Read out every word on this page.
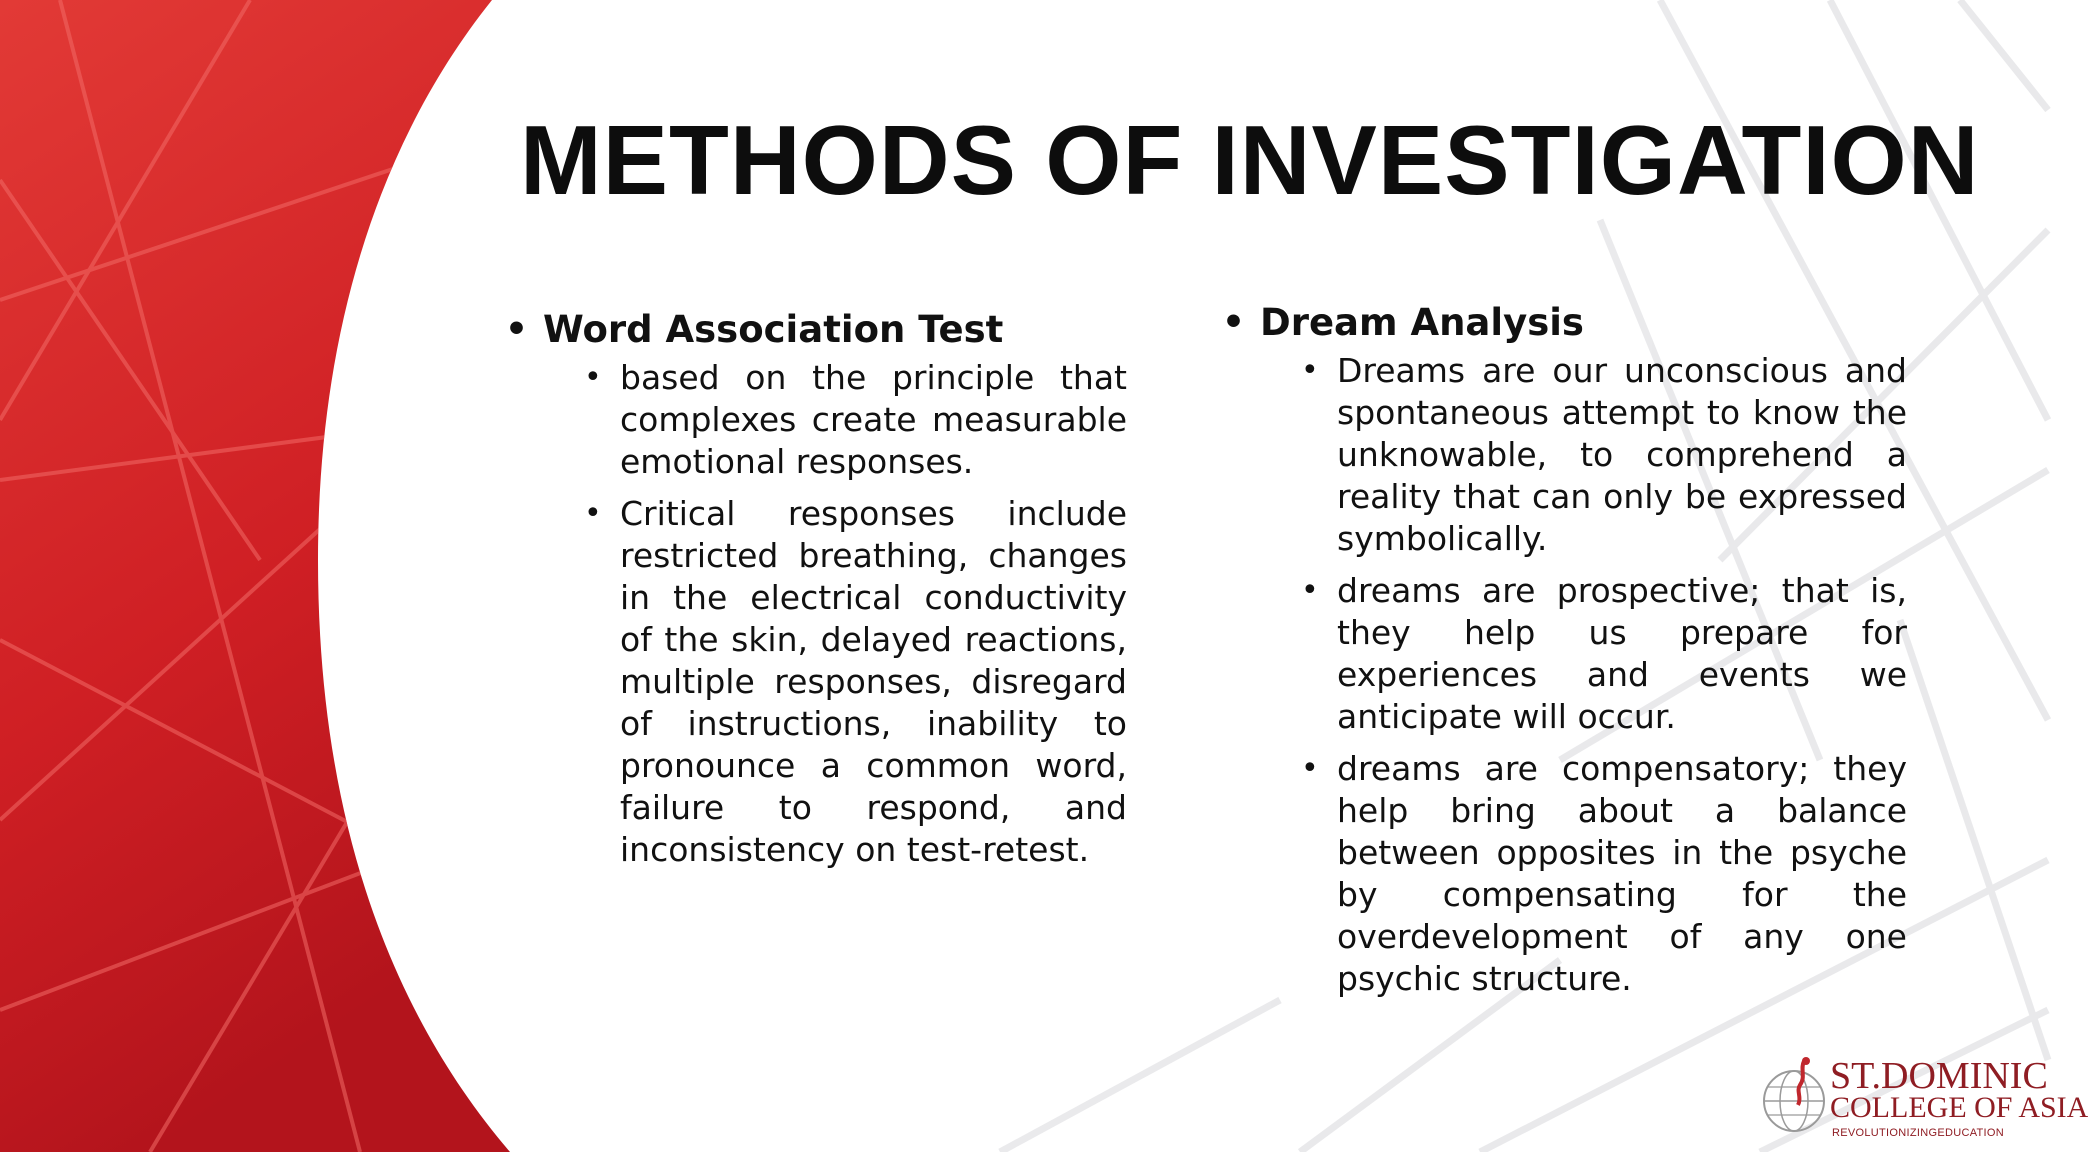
METHODS OF INVESTIGATION
• Word Association Test
• based on the principle that complexes create measurable emotional responses.
• Critical responses include restricted breathing, changes in the electrical conductivity of the skin, delayed reactions, multiple responses, disregard of instructions, inability to pronounce a common word, failure to respond, and inconsistency on test-retest.
• Dream Analysis
• Dreams are our unconscious and spontaneous attempt to know the unknowable, to comprehend a reality that can only be expressed symbolically.
• dreams are prospective; that is, they help us prepare for experiences and events we anticipate will occur.
• dreams are compensatory; they help bring about a balance between opposites in the psyche by compensating for the overdevelopment of any one psychic structure.
ST.DOMINIC
COLLEGE OF ASIA
REVOLUTIONIZINGEDUCATION
